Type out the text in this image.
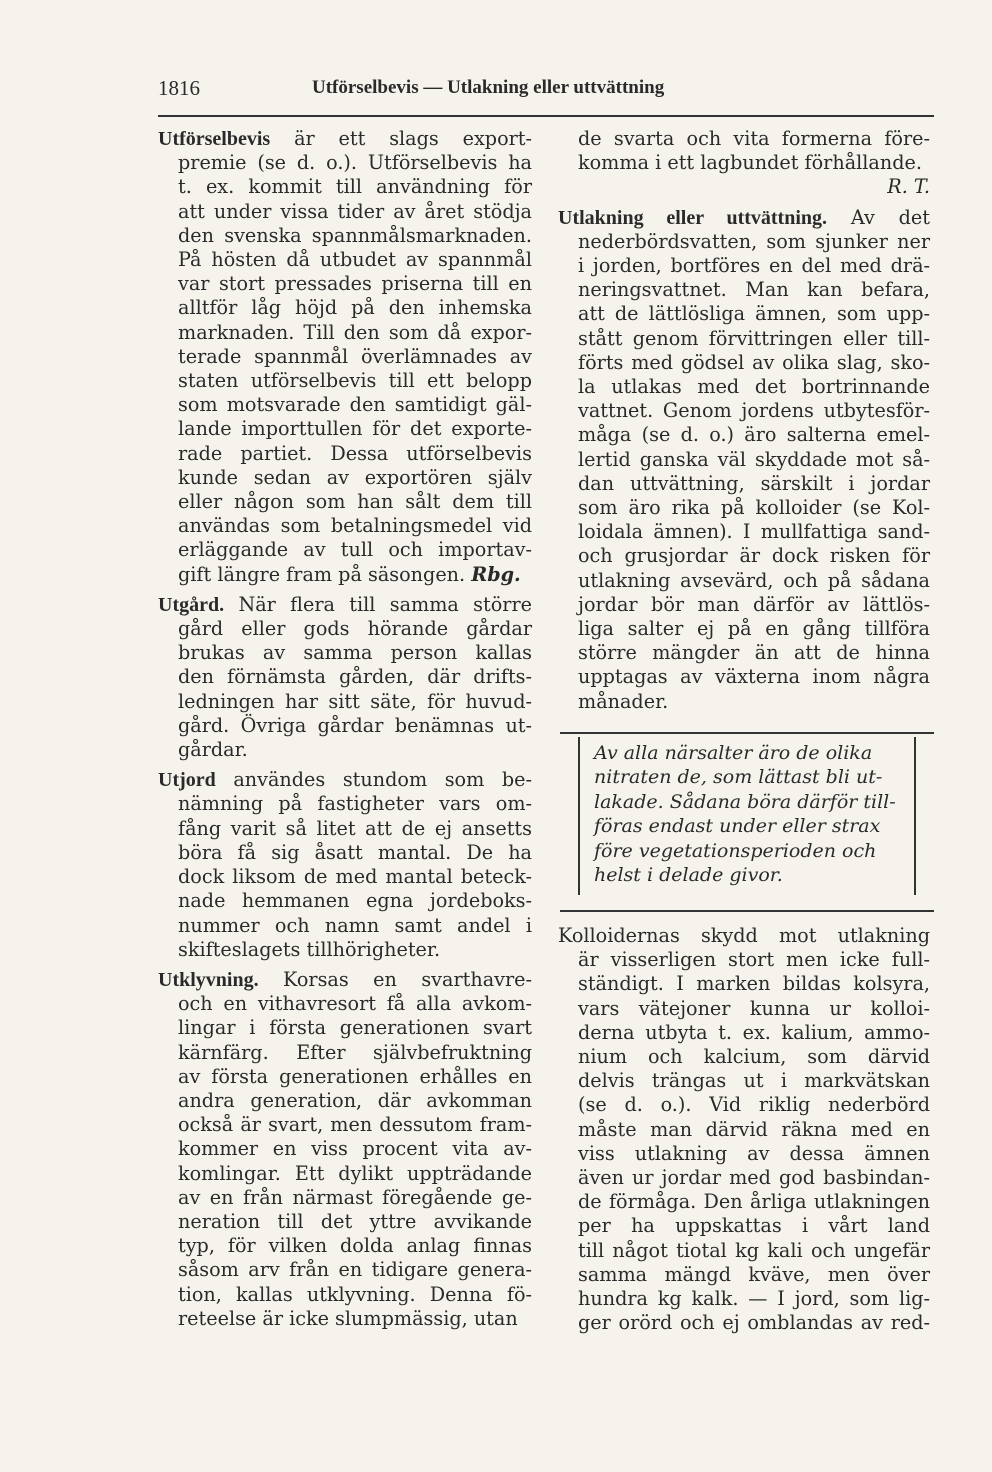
1816	Utförselbevis — Utlakning eller uttvättning
Utförselbevis är ett slags export-
premie (se d. o.). Utförselbevis ha
t. ex. kommit till användning för
att under vissa tider av året stödja
den svenska spannmålsmarknaden.
På hösten då utbudet av spannmål
var stort pressades priserna till en
alltför låg höjd på den inhemska
marknaden. Till den som då expor-
terade spannmål överlämnades av
staten utförselbevis till ett belopp
som motsvarade den samtidigt gäl-
lande importtullen för det exporte-
rade partiet. Dessa utförselbevis
kunde sedan av exportören själv
eller någon som han sålt dem till
användas som betalningsmedel vid
erläggande av tull och importav-
gift längre fram på säsongen. Rbg.
Utgård. När flera till samma större
gård eller gods hörande gårdar
brukas av samma person kallas
den förnämsta gården, där drifts-
ledningen har sitt säte, för huvud-
gård. Övriga gårdar benämnas ut-
gårdar.
Utjord användes stundom som be-
nämning på fastigheter vars om-
fång varit så litet att de ej ansetts
böra få sig åsatt mantal. De ha
dock liksom de med mantal beteck-
nade hemmanen egna jordeboks-
nummer och namn samt andel i
skifteslagets tillhörigheter.
Utklyvning. Korsas en svarthavre-
och en vithavresort få alla avkom-
lingar i första generationen svart
kärnfärg. Efter självbefruktning
av första generationen erhålles en
andra generation, där avkomman
också är svart, men dessutom fram-
kommer en viss procent vita av-
komlingar. Ett dylikt uppträdande
av en från närmast föregående ge-
neration till det yttre avvikande
typ, för vilken dolda anlag finnas
såsom arv från en tidigare genera-
tion, kallas utklyvning. Denna fö-
reteelse är icke slumpmässig, utan
de svarta och vita formerna före-
komma i ett lagbundet förhållande.
R. T.
Utlakning eller uttvättning. Av det
nederbördsvatten, som sjunker ner
i jorden, bortföres en del med drä-
neringsvattnet. Man kan befara,
att de lättlösliga ämnen, som upp-
stått genom förvittringen eller till-
förts med gödsel av olika slag, sko-
la utlakas med det bortrinnande
vattnet. Genom jordens utbytesför-
måga (se d. o.) äro salterna emel-
lertid ganska väl skyddade mot så-
dan uttvättning, särskilt i jordar
som äro rika på kolloider (se Kol-
loidala ämnen). I mullfattiga sand-
och grusjordar är dock risken för
utlakning avsevärd, och på sådana
jordar bör man därför av lättlös-
liga salter ej på en gång tillföra
större mängder än att de hinna
upptagas av växterna inom några
månader.
Av alla närsalter äro de olika
nitraten de, som lättast bli ut-
lakade. Sådana böra därför till-
föras endast under eller strax
före vegetationsperioden och
helst i delade givor.
Kolloidernas skydd mot utlakning
är visserligen stort men icke full-
ständigt. I marken bildas kolsyra,
vars vätejoner kunna ur kolloi-
derna utbyta t. ex. kalium, ammo-
nium och kalcium, som därvid
delvis trängas ut i markvätskan
(se d. o.). Vid riklig nederbörd
måste man därvid räkna med en
viss utlakning av dessa ämnen
även ur jordar med god basbindan-
de förmåga. Den årliga utlakningen
per ha uppskattas i vårt land
till något tiotal kg kali och ungefär
samma mängd kväve, men över
hundra kg kalk. — I jord, som lig-
ger orörd och ej omblandas av red-
